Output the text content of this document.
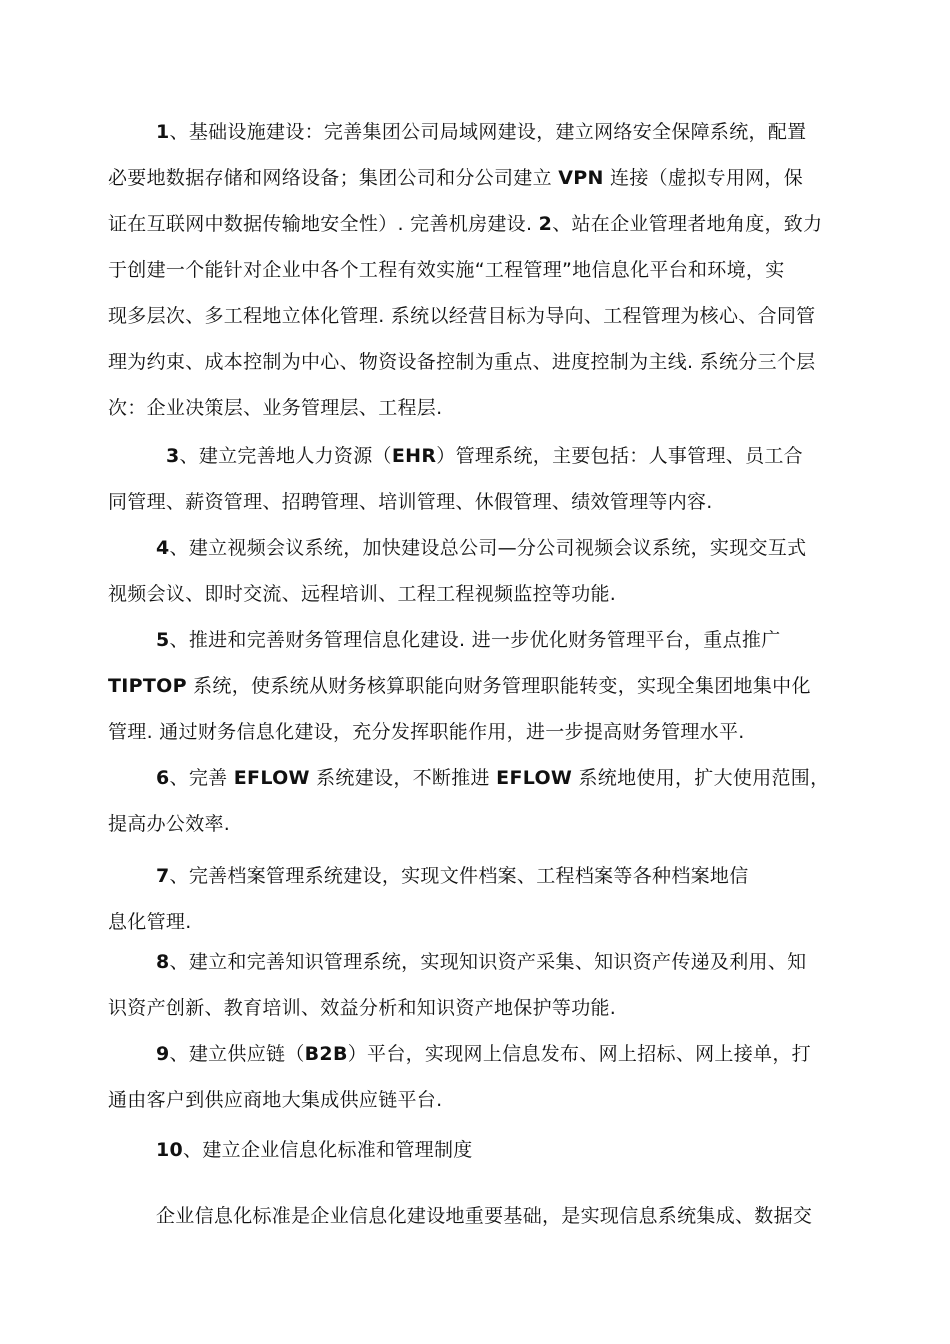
1、基础设施建设：完善集团公司局域网建设，建立网络安全保障系统，配置
必要地数据存储和网络设备；集团公司和分公司建立 VPN 连接（虚拟专用网，保
证在互联网中数据传输地安全性）. 完善机房建设. 2、站在企业管理者地角度，致力
于创建一个能针对企业中各个工程有效实施“工程管理”地信息化平台和环境，实
现多层次、多工程地立体化管理. 系统以经营目标为导向、工程管理为核心、合同管
理为约束、成本控制为中心、物资设备控制为重点、进度控制为主线. 系统分三个层
次：企业决策层、业务管理层、工程层.
3、建立完善地人力资源（EHR）管理系统，主要包括：人事管理、员工合
同管理、薪资管理、招聘管理、培训管理、休假管理、绩效管理等内容.
4、建立视频会议系统，加快建设总公司—分公司视频会议系统，实现交互式
视频会议、即时交流、远程培训、工程工程视频监控等功能.
5、推进和完善财务管理信息化建设. 进一步优化财务管理平台，重点推广
TIPTOP 系统，使系统从财务核算职能向财务管理职能转变，实现全集团地集中化
管理. 通过财务信息化建设，充分发挥职能作用，进一步提高财务管理水平.
6、完善 EFLOW 系统建设，不断推进 EFLOW 系统地使用，扩大使用范围，
提高办公效率.
7、完善档案管理系统建设，实现文件档案、工程档案等各种档案地信
息化管理.
8、建立和完善知识管理系统，实现知识资产采集、知识资产传递及利用、知
识资产创新、教育培训、效益分析和知识资产地保护等功能.
9、建立供应链（B2B）平台，实现网上信息发布、网上招标、网上接单，打
通由客户到供应商地大集成供应链平台.
10、建立企业信息化标准和管理制度
企业信息化标准是企业信息化建设地重要基础，是实现信息系统集成、数据交
